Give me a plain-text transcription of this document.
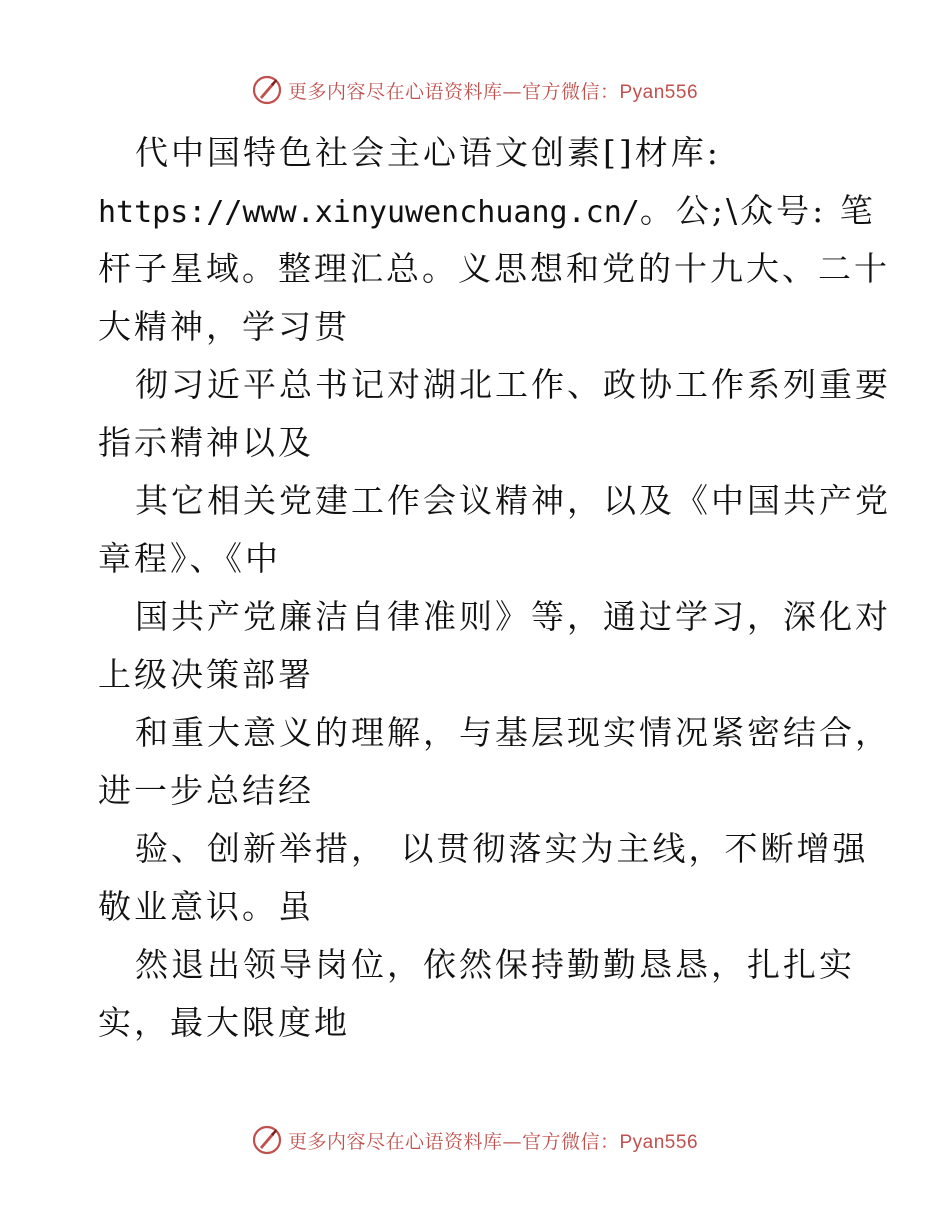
更多内容尽在心语资料库—官方微信：Pyan556
代中国特色社会主心语文创素[]材库:
https://www.xinyuwenchuang.cn/。公;\众号: 笔
杆子星域。整理汇总。义思想和党的十九大、二十
大精神，学习贯
彻习近平总书记对湖北工作、政协工作系列重要
指示精神以及
其它相关党建工作会议精神，以及《中国共产党
章程》、《中
国共产党廉洁自律准则》等，通过学习，深化对
上级决策部署
和重大意义的理解，与基层现实情况紧密结合，
进一步总结经
验、创新举措， 以贯彻落实为主线，不断增强
敬业意识。虽
然退出领导岗位，依然保持勤勤恳恳，扎扎实
实，最大限度地
更多内容尽在心语资料库—官方微信：Pyan556
